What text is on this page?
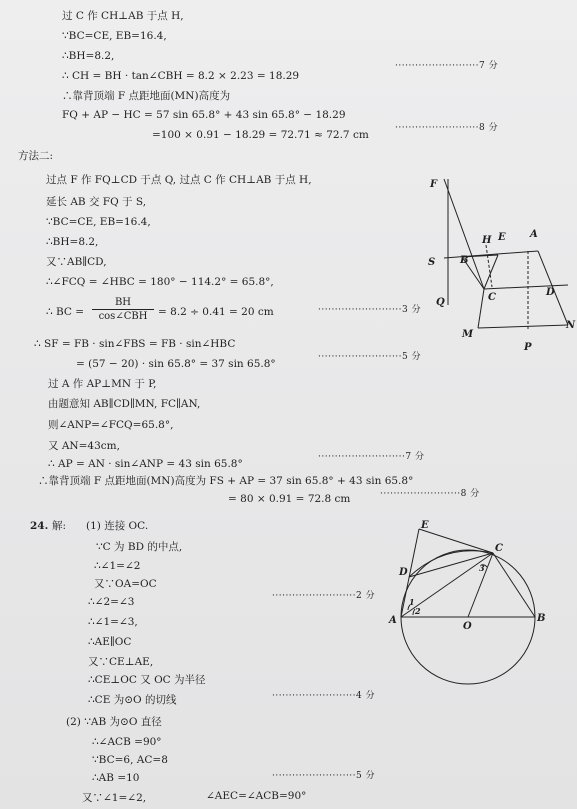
过 C 作 CH⊥AB 于点 H,
∵BC=CE, EB=16.4,
∴BH=8.2,
∴ CH = BH · tan∠CBH = 8.2 × 2.23 = 18.29
·························7 分
∴靠背顶端 F 点距地面(MN)高度为
FQ + AP − HC = 57 sin 65.8° + 43 sin 65.8° − 18.29
=100 × 0.91 − 18.29 = 72.71 ≈ 72.7 cm
·························8 分
方法二:
过点 F 作 FQ⊥CD 于点 Q, 过点 C 作 CH⊥AB 于点 H,
延长 AB 交 FQ 于 S,
∵BC=CE, EB=16.4,
∴BH=8.2,
又∵AB∥CD,
∴∠FCQ = ∠HBC = 180° − 114.2° = 65.8°,
∴ BC =
BH
cos∠CBH	= 8.2 ÷ 0.41 = 20 cm	·························3 分
∴ SF = FB · sin∠FBS = FB · sin∠HBC
= (57 − 20) · sin 65.8° = 37 sin 65.8°
·························5 分
过 A 作 AP⊥MN 于 P,
由题意知 AB∥CD∥MN, FC∥AN,
则∠ANP=∠FCQ=65.8°,
又 AN=43cm,
∴ AP = AN · sin∠ANP = 43 sin 65.8°
··························7 分
∴靠背顶端 F 点距地面(MN)高度为 FS + AP = 37 sin 65.8° + 43 sin 65.8°
= 80 × 0.91 = 72.8 cm	························8 分
F
S
H E A
B
Q	C	D
M
N
P
24. 解: (1) 连接 OC.
∵C 为 BD 的中点,
∴∠1=∠2
又∵OA=OC
·························2 分
∴∠2=∠3
∴∠1=∠3,
∴AE∥OC
又∵CE⊥AE,
∴CE⊥OC 又 OC 为半径
∴CE 为⊙O 的切线	·························4 分
(2) ∵AB 为⊙O 直径
∴∠ACB =90°
∵BC=6, AC=8
∴AB =10	·························5 分
又∵∠1=∠2,	∠AEC=∠ACB=90°
E
C
D
A	B
O
1
2
3
